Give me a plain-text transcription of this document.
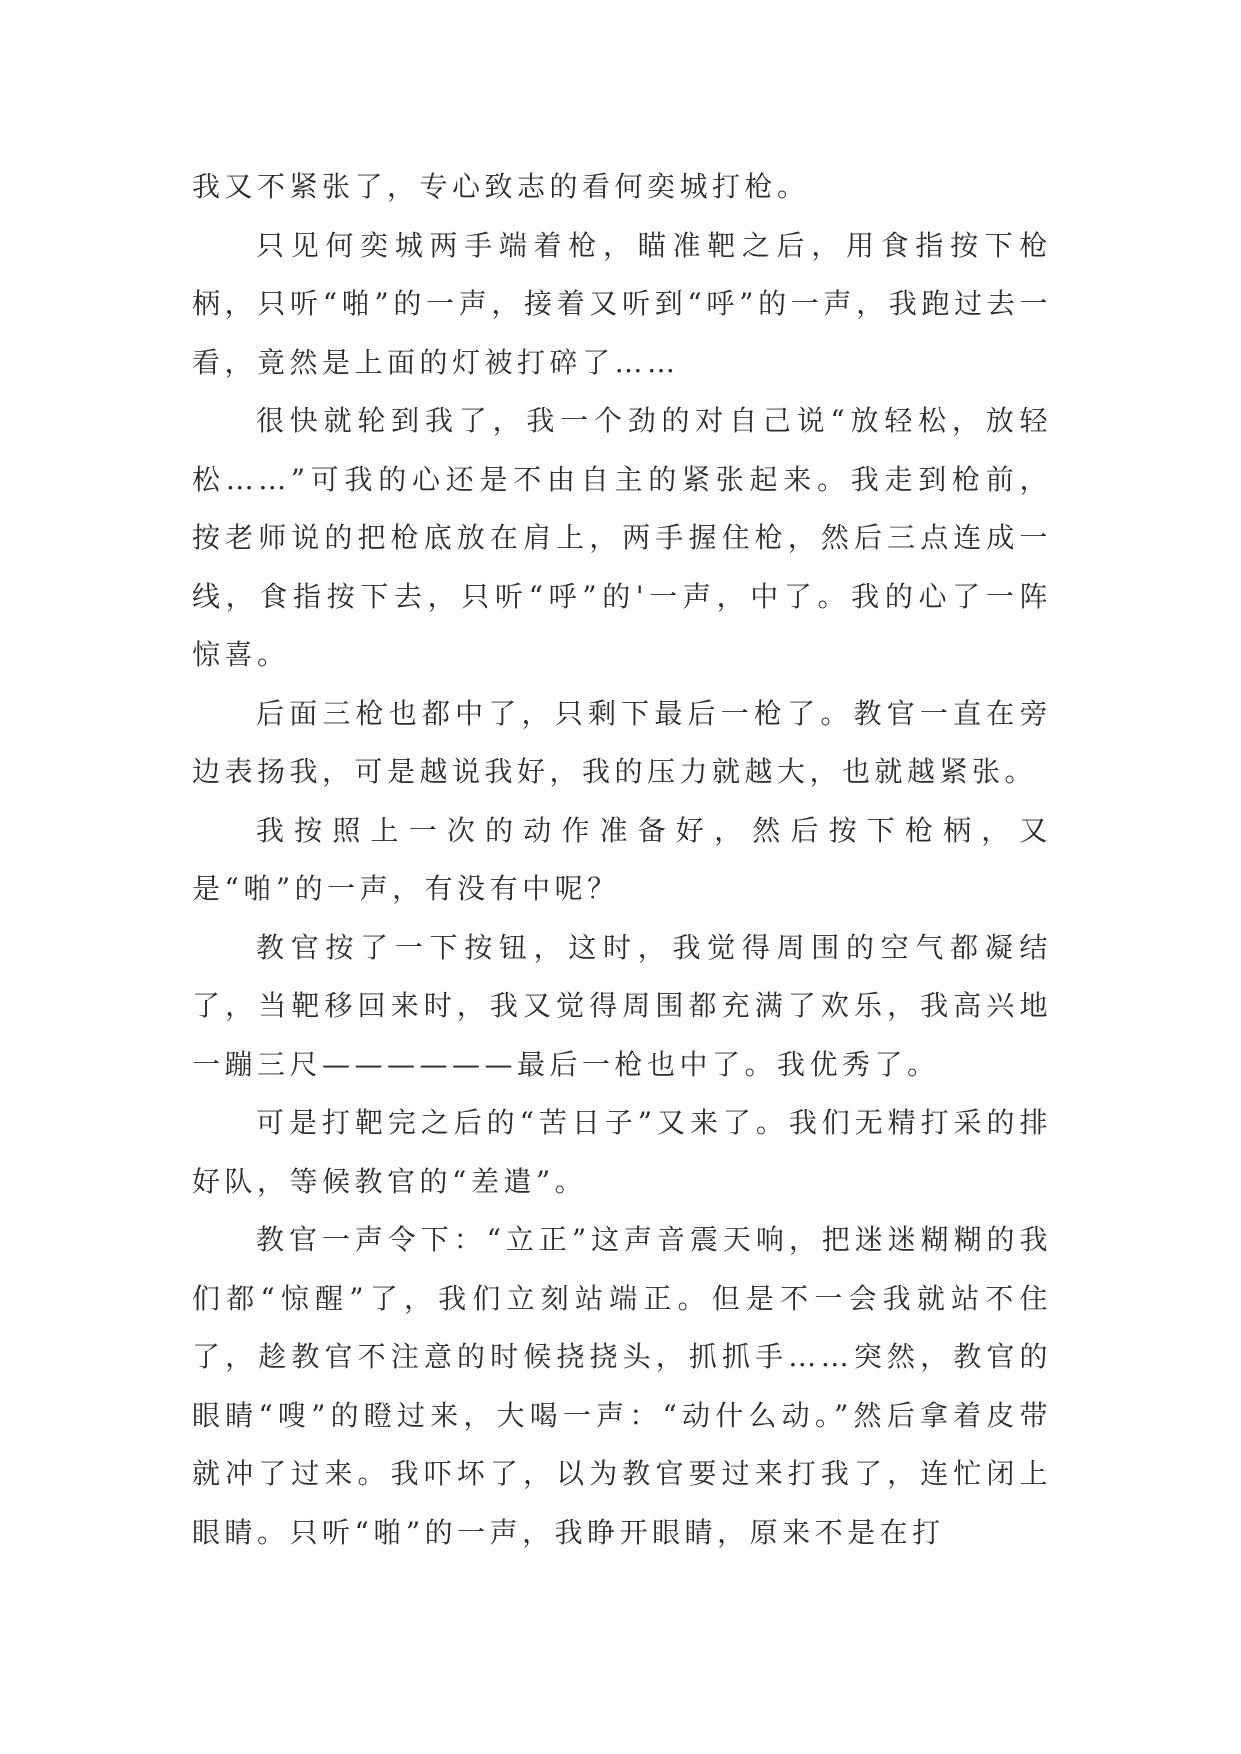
我又不紧张了，专心致志的看何奕城打枪。

只见何奕城两手端着枪，瞄准靶之后，用食指按下枪柄，只听“啪”的一声，接着又听到“呼”的一声，我跑过去一看，竟然是上面的灯被打碎了……

很快就轮到我了，我一个劲的对自己说“放轻松，放轻松……”可我的心还是不由自主的紧张起来。我走到枪前，按老师说的把枪底放在肩上，两手握住枪，然后三点连成一线，食指按下去，只听“呼”的'一声，中了。我的心了一阵惊喜。

后面三枪也都中了，只剩下最后一枪了。教官一直在旁边表扬我，可是越说我好，我的压力就越大，也就越紧张。

我按照上一次的动作准备好，然后按下枪柄，又是“啪”的一声，有没有中呢？

教官按了一下按钮，这时，我觉得周围的空气都凝结了，当靶移回来时，我又觉得周围都充满了欢乐，我高兴地一蹦三尺——————最后一枪也中了。我优秀了。

可是打靶完之后的“苦日子”又来了。我们无精打采的排好队，等候教官的“差遣”。

教官一声令下：“立正”这声音震天响，把迷迷糊糊的我们都“惊醒”了，我们立刻站端正。但是不一会我就站不住了，趁教官不注意的时候挠挠头，抓抓手……突然，教官的眼睛“嗖”的瞪过来，大喝一声：“动什么动。”然后拿着皮带就冲了过来。我吓坏了，以为教官要过来打我了，连忙闭上眼睛。只听“啪”的一声，我睁开眼睛，原来不是在打
